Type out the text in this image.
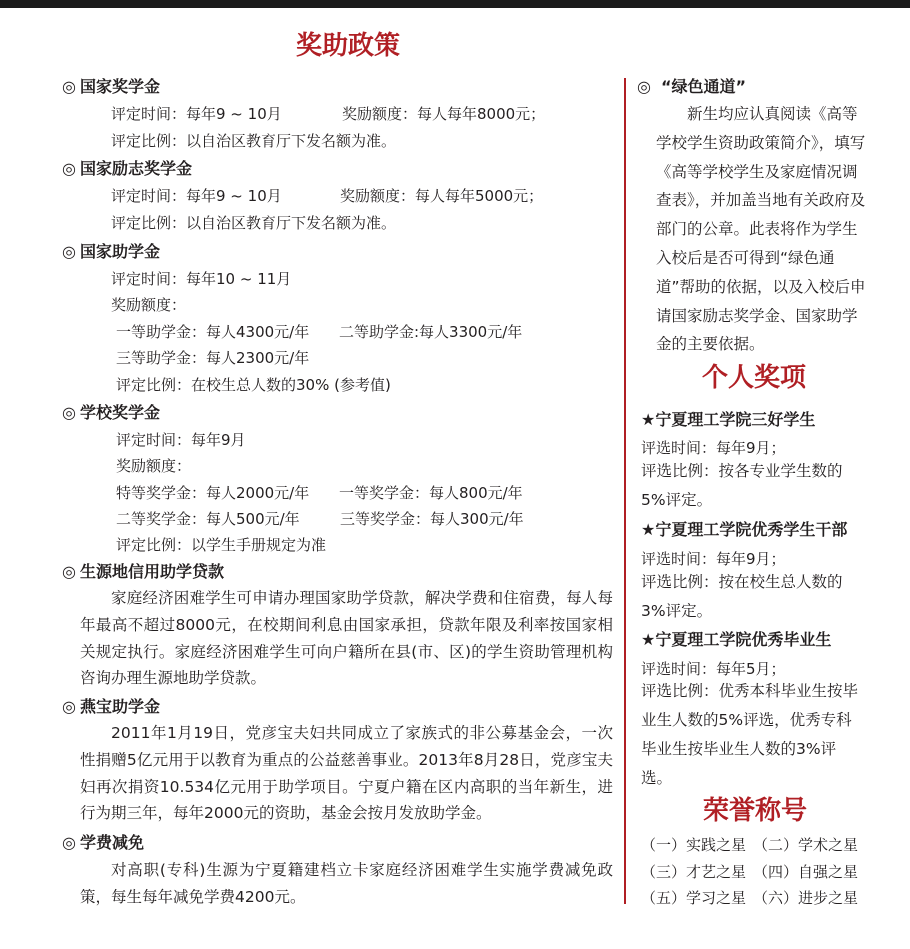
奖助政策
◎ 国家奖学金
评定时间：每年9 ~ 10月	奖励额度：每人每年8000元；
评定比例：以自治区教育厅下发名额为准。
◎ 国家励志奖学金
评定时间：每年9 ~ 10月	奖励额度：每人每年5000元；
评定比例：以自治区教育厅下发名额为准。
◎ 国家助学金
评定时间：每年10 ~ 11月
奖励额度：
一等助学金：每人4300元/年 二等助学金:每人3300元/年
三等助学金：每人2300元/年
评定比例：在校生总人数的30% (参考值)
◎ 学校奖学金
评定时间：每年9月
奖励额度：
特等奖学金：每人2000元/年 一等奖学金：每人800元/年
二等奖学金：每人500元/年	三等奖学金：每人300元/年
评定比例：以学生手册规定为准
◎ 生源地信用助学贷款
家庭经济困难学生可申请办理国家助学贷款，解决学费和住宿费，每人每年最高不超过8000元，在校期间利息由国家承担，贷款年限及利率按国家相关规定执行。家庭经济困难学生可向户籍所在县(市、区)的学生资助管理机构咨询办理生源地助学贷款。
◎ 燕宝助学金
2011年1月19日，党彦宝夫妇共同成立了家族式的非公募基金会，一次性捐赠5亿元用于以教育为重点的公益慈善事业。2013年8月28日，党彦宝夫妇再次捐资10.534亿元用于助学项目。宁夏户籍在区内高职的当年新生，进行为期三年，每年2000元的资助，基金会按月发放助学金。
◎ 学费减免
对高职(专科)生源为宁夏籍建档立卡家庭经济困难学生实施学费减免政策，每生每年减免学费4200元。
◎ “绿色通道”
新生均应认真阅读《高等学校学生资助政策简介》，填写《高等学校学生及家庭情况调查表》，并加盖当地有关政府及部门的公章。此表将作为学生入校后是否可得到“绿色通道”帮助的依据，以及入校后申请国家励志奖学金、国家助学金的主要依据。
个人奖项
★宁夏理工学院三好学生
评选时间：每年9月；
评选比例：按各专业学生数的5%评定。
★宁夏理工学院优秀学生干部
评选时间：每年9月；
评选比例：按在校生总人数的3%评定。
★宁夏理工学院优秀毕业生
评选时间：每年5月；
评选比例：优秀本科毕业生按毕业生人数的5%评选，优秀专科毕业生按毕业生人数的3%评选。
荣誉称号
（一）实践之星 （二）学术之星
（三）才艺之星 （四）自强之星
（五）学习之星 （六）进步之星
